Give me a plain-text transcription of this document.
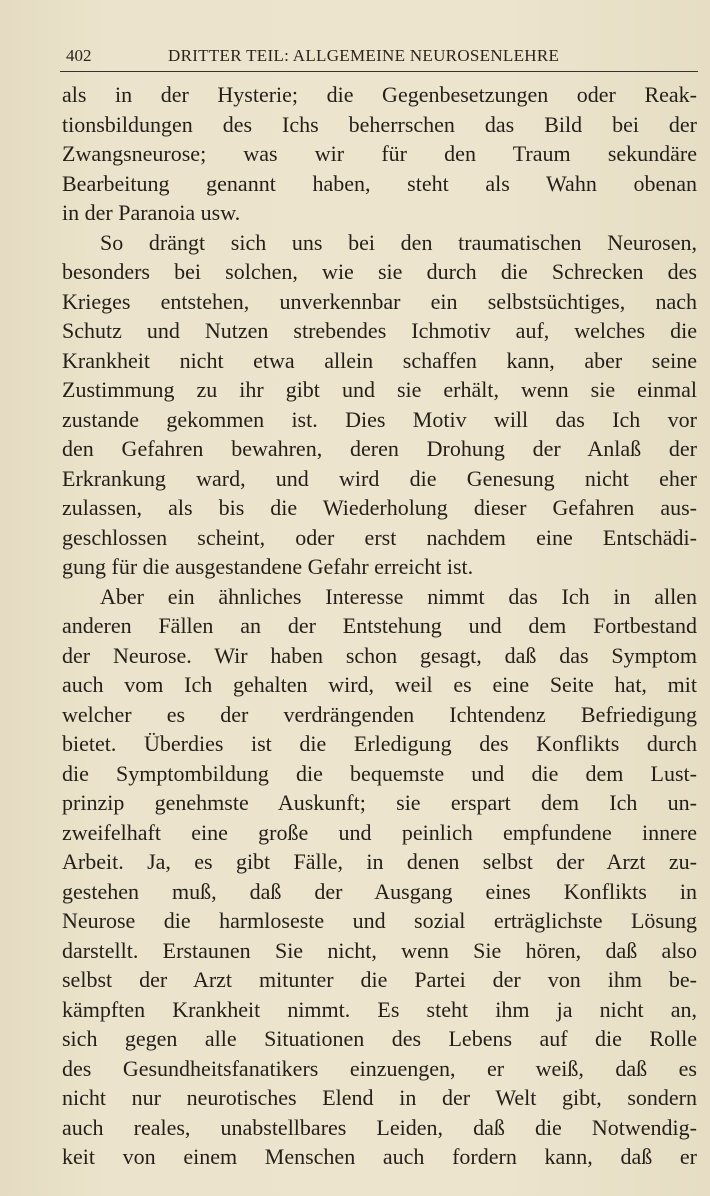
402	DRITTER TEIL: ALLGEMEINE NEUROSENLEHRE
als in der Hysterie; die Gegenbesetzungen oder Reak-
tionsbildungen des Ichs beherrschen das Bild bei der
Zwangsneurose; was wir für den Traum sekundäre
Bearbeitung genannt haben, steht als Wahn obenan
in der Paranoia usw.
So drängt sich uns bei den traumatischen Neurosen,
besonders bei solchen, wie sie durch die Schrecken des
Krieges entstehen, unverkennbar ein selbstsüchtiges, nach
Schutz und Nutzen strebendes Ichmotiv auf, welches die
Krankheit nicht etwa allein schaffen kann, aber seine
Zustimmung zu ihr gibt und sie erhält, wenn sie einmal
zustande gekommen ist. Dies Motiv will das Ich vor
den Gefahren bewahren, deren Drohung der Anlaß der
Erkrankung ward, und wird die Genesung nicht eher
zulassen, als bis die Wiederholung dieser Gefahren aus-
geschlossen scheint, oder erst nachdem eine Entschädi-
gung für die ausgestandene Gefahr erreicht ist.
Aber ein ähnliches Interesse nimmt das Ich in allen
anderen Fällen an der Entstehung und dem Fortbestand
der Neurose. Wir haben schon gesagt, daß das Symptom
auch vom Ich gehalten wird, weil es eine Seite hat, mit
welcher es der verdrängenden Ichtendenz Befriedigung
bietet. Überdies ist die Erledigung des Konflikts durch
die Symptombildung die bequemste und die dem Lust-
prinzip genehmste Auskunft; sie erspart dem Ich un-
zweifelhaft eine große und peinlich empfundene innere
Arbeit. Ja, es gibt Fälle, in denen selbst der Arzt zu-
gestehen muß, daß der Ausgang eines Konflikts in
Neurose die harmloseste und sozial erträglichste Lösung
darstellt. Erstaunen Sie nicht, wenn Sie hören, daß also
selbst der Arzt mitunter die Partei der von ihm be-
kämpften Krankheit nimmt. Es steht ihm ja nicht an,
sich gegen alle Situationen des Lebens auf die Rolle
des Gesundheitsfanatikers einzuengen, er weiß, daß es
nicht nur neurotisches Elend in der Welt gibt, sondern
auch reales, unabstellbares Leiden, daß die Notwendig-
keit von einem Menschen auch fordern kann, daß er
